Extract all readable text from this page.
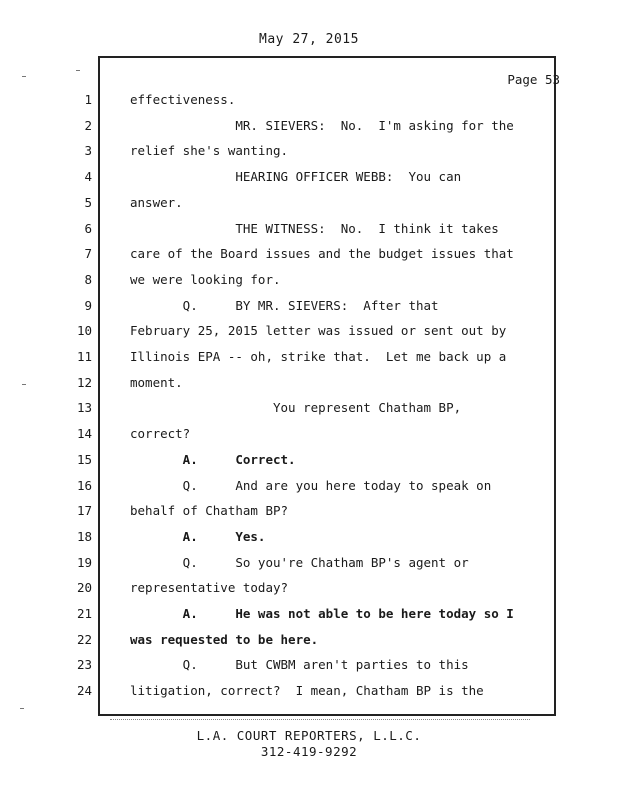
May 27, 2015
Page 53
1	effectiveness.
2	MR. SIEVERS:  No.  I'm asking for the
3	relief she's wanting.
4	HEARING OFFICER WEBB:  You can
5	answer.
6	THE WITNESS:  No.  I think it takes
7	care of the Board issues and the budget issues that
8	we were looking for.
9	Q.     BY MR. SIEVERS:  After that
10	February 25, 2015 letter was issued or sent out by
11	Illinois EPA -- oh, strike that.  Let me back up a
12	moment.
13	You represent Chatham BP,
14	correct?
15	A.     Correct.
16	Q.     And are you here today to speak on
17	behalf of Chatham BP?
18	A.     Yes.
19	Q.     So you're Chatham BP's agent or
20	representative today?
21	A.     He was not able to be here today so I
22	was requested to be here.
23	Q.     But CWBM aren't parties to this
24	litigation, correct?  I mean, Chatham BP is the
L.A. COURT REPORTERS, L.L.C.
312-419-9292
